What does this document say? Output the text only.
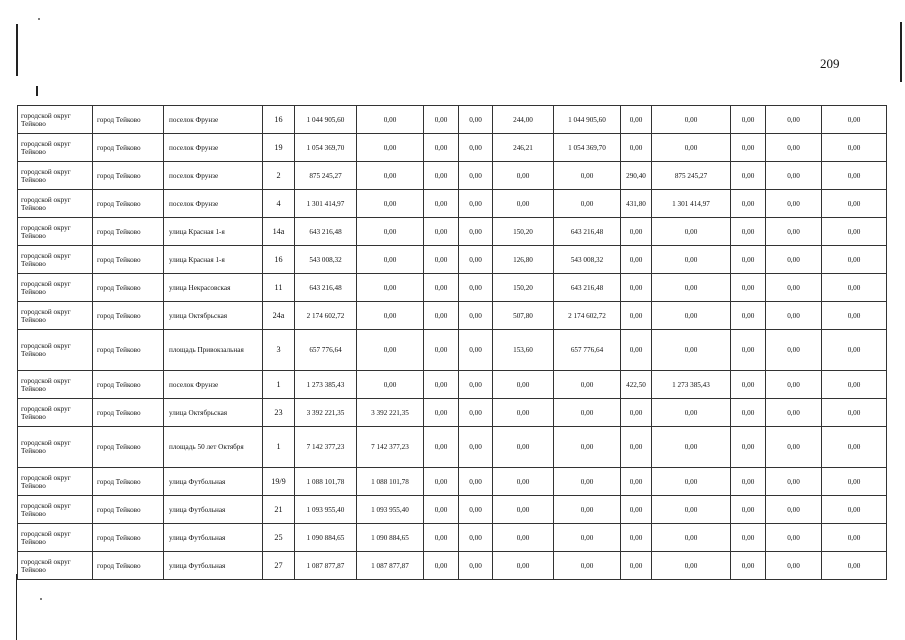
209
городской округ Тейково	город Тейково	поселок Фрунзе	16	1 044 905,60	0,00	0,00	0,00	244,00	1 044 905,60	0,00	0,00	0,00	0,00	0,00
городской округ Тейково	город Тейково	поселок Фрунзе	19	1 054 369,70	0,00	0,00	0,00	246,21	1 054 369,70	0,00	0,00	0,00	0,00	0,00
городской округ Тейково	город Тейково	поселок Фрунзе	2	875 245,27	0,00	0,00	0,00	0,00	0,00	290,40	875 245,27	0,00	0,00	0,00
городской округ Тейково	город Тейково	поселок Фрунзе	4	1 301 414,97	0,00	0,00	0,00	0,00	0,00	431,80	1 301 414,97	0,00	0,00	0,00
городской округ Тейково	город Тейково	улица Красная 1-я	14а	643 216,48	0,00	0,00	0,00	150,20	643 216,48	0,00	0,00	0,00	0,00	0,00
городской округ Тейково	город Тейково	улица Красная 1-я	16	543 008,32	0,00	0,00	0,00	126,80	543 008,32	0,00	0,00	0,00	0,00	0,00
городской округ Тейково	город Тейково	улица Некрасовская	11	643 216,48	0,00	0,00	0,00	150,20	643 216,48	0,00	0,00	0,00	0,00	0,00
городской округ Тейково	город Тейково	улица Октябрьская	24а	2 174 602,72	0,00	0,00	0,00	507,80	2 174 602,72	0,00	0,00	0,00	0,00	0,00
городской округ Тейково	город Тейково	площадь Привокзальная	3	657 776,64	0,00	0,00	0,00	153,60	657 776,64	0,00	0,00	0,00	0,00	0,00
городской округ Тейково	город Тейково	поселок Фрунзе	1	1 273 385,43	0,00	0,00	0,00	0,00	0,00	422,50	1 273 385,43	0,00	0,00	0,00
городской округ Тейково	город Тейково	улица Октябрьская	23	3 392 221,35	3 392 221,35	0,00	0,00	0,00	0,00	0,00	0,00	0,00	0,00	0,00
городской округ Тейково	город Тейково	площадь 50 лет Октября	1	7 142 377,23	7 142 377,23	0,00	0,00	0,00	0,00	0,00	0,00	0,00	0,00	0,00
городской округ Тейково	город Тейково	улица Футбольная	19/9	1 088 101,78	1 088 101,78	0,00	0,00	0,00	0,00	0,00	0,00	0,00	0,00	0,00
городской округ Тейково	город Тейково	улица Футбольная	21	1 093 955,40	1 093 955,40	0,00	0,00	0,00	0,00	0,00	0,00	0,00	0,00	0,00
городской округ Тейково	город Тейково	улица Футбольная	25	1 090 884,65	1 090 884,65	0,00	0,00	0,00	0,00	0,00	0,00	0,00	0,00	0,00
городской округ Тейково	город Тейково	улица Футбольная	27	1 087 877,87	1 087 877,87	0,00	0,00	0,00	0,00	0,00	0,00	0,00	0,00	0,00
